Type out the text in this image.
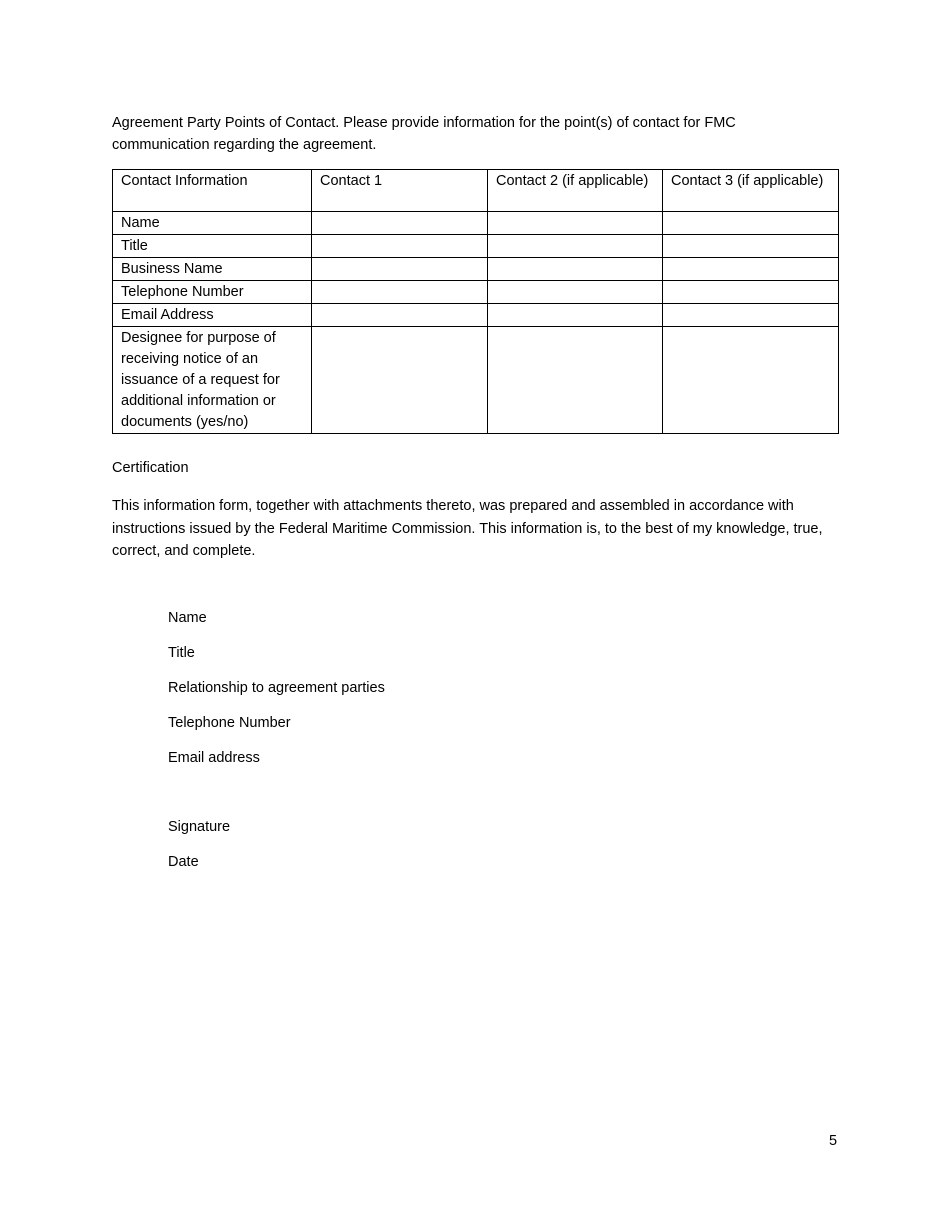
Agreement Party Points of Contact. Please provide information for the point(s) of contact for FMC communication regarding the agreement.

Contact Information	Contact 1	Contact 2 (if applicable)	Contact 3 (if applicable)
Name			
Title			
Business Name			
Telephone Number			
Email Address			
Designee for purpose of receiving notice of an issuance of a request for additional information or documents (yes/no)			

Certification

This information form, together with attachments thereto, was prepared and assembled in accordance with instructions issued by the Federal Maritime Commission. This information is, to the best of my knowledge, true, correct, and complete.

Name

Title

Relationship to agreement parties

Telephone Number

Email address

Signature

Date

5
